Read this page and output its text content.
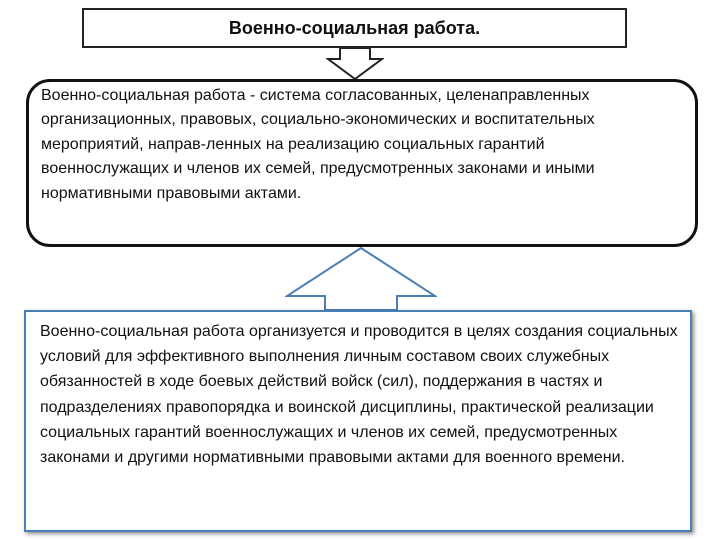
Военно-социальная работа.

Военно-социальная работа - система согласованных, целенаправленных организационных, правовых, социально-экономических и воспитательных мероприятий, направ-ленных на реализацию социальных гарантий военнослужащих и членов их семей, предусмотренных законами и иными нормативными правовыми актами.

Военно-социальная работа организуется и проводится в целях создания социальных условий для эффективного выполнения личным составом своих служебных обязанностей в ходе боевых действий войск (сил), поддержания в частях и подразделениях правопорядка и воинской дисциплины, практической реализации социальных гарантий военнослужащих и членов их семей, предусмотренных законами и другими нормативными правовыми актами для военного времени.
